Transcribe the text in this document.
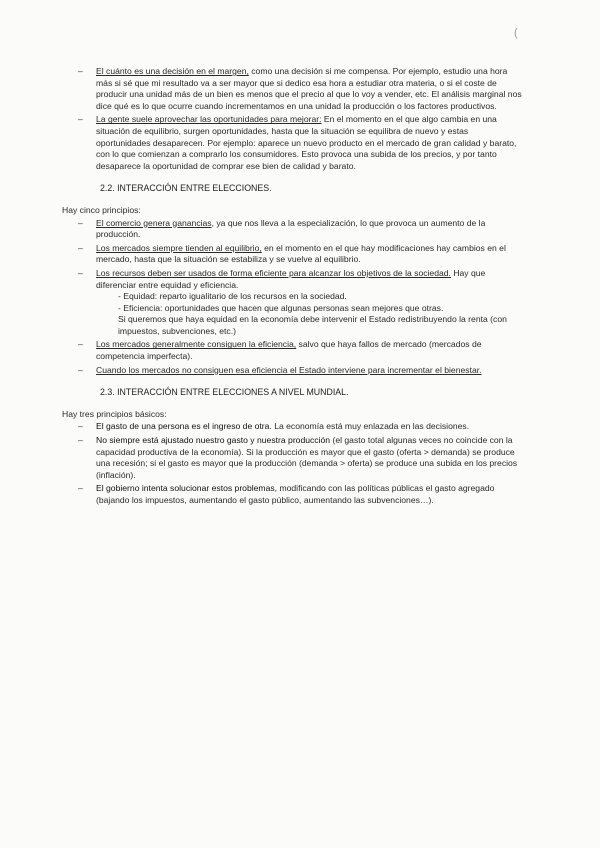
(
–	El cuánto es una decisión en el margen, como una decisión si me compensa. Por ejemplo, estudio una hora más si sé que mi resultado va a ser mayor que si dedico esa hora a estudiar otra materia, o si el coste de producir una unidad más de un bien es menos que el precio al que lo voy a vender, etc. El análisis marginal nos dice qué es lo que ocurre cuando incrementamos en una unidad la producción o los factores productivos.
–	La gente suele aprovechar las oportunidades para mejorar: En el momento en el que algo cambia en una situación de equilibrio, surgen oportunidades, hasta que la situación se equilibra de nuevo y estas oportunidades desaparecen. Por ejemplo: aparece un nuevo producto en el mercado de gran calidad y barato, con lo que comienzan a comprarlo los consumidores. Esto provoca una subida de los precios, y por tanto desaparece la oportunidad de comprar ese bien de calidad y barato.
2.2. INTERACCIÓN ENTRE ELECCIONES.
Hay cinco principios:
–	El comercio genera ganancias, ya que nos lleva a la especialización, lo que provoca un aumento de la producción.
–	Los mercados siempre tienden al equilibrio, en el momento en el que hay modificaciones hay cambios en el mercado, hasta que la situación se estabiliza y se vuelve al equilibrio.
–	Los recursos deben ser usados de forma eficiente para alcanzar los objetivos de la sociedad. Hay que diferenciar entre equidad y eficiencia.
- Equidad: reparto igualitario de los recursos en la sociedad.
- Eficiencia: oportunidades que hacen que algunas personas sean mejores que otras.
Si queremos que haya equidad en la economía debe intervenir el Estado redistribuyendo la renta (con impuestos, subvenciones, etc.)
–	Los mercados generalmente consiguen la eficiencia, salvo que haya fallos de mercado (mercados de competencia imperfecta).
–	Cuando los mercados no consiguen esa eficiencia el Estado interviene para incrementar el bienestar.
2.3. INTERACCIÓN ENTRE ELECCIONES A NIVEL MUNDIAL.
Hay tres principios básicos:
–	El gasto de una persona es el ingreso de otra. La economía está muy enlazada en las decisiones.
–	No siempre está ajustado nuestro gasto y nuestra producción (el gasto total algunas veces no coincide con la capacidad productiva de la economía). Si la producción es mayor que el gasto (oferta > demanda) se produce una recesión; si el gasto es mayor que la producción (demanda > oferta) se produce una subida en los precios (inflación).
–	El gobierno intenta solucionar estos problemas, modificando con las políticas públicas el gasto agregado (bajando los impuestos, aumentando el gasto público, aumentando las subvenciones…).
